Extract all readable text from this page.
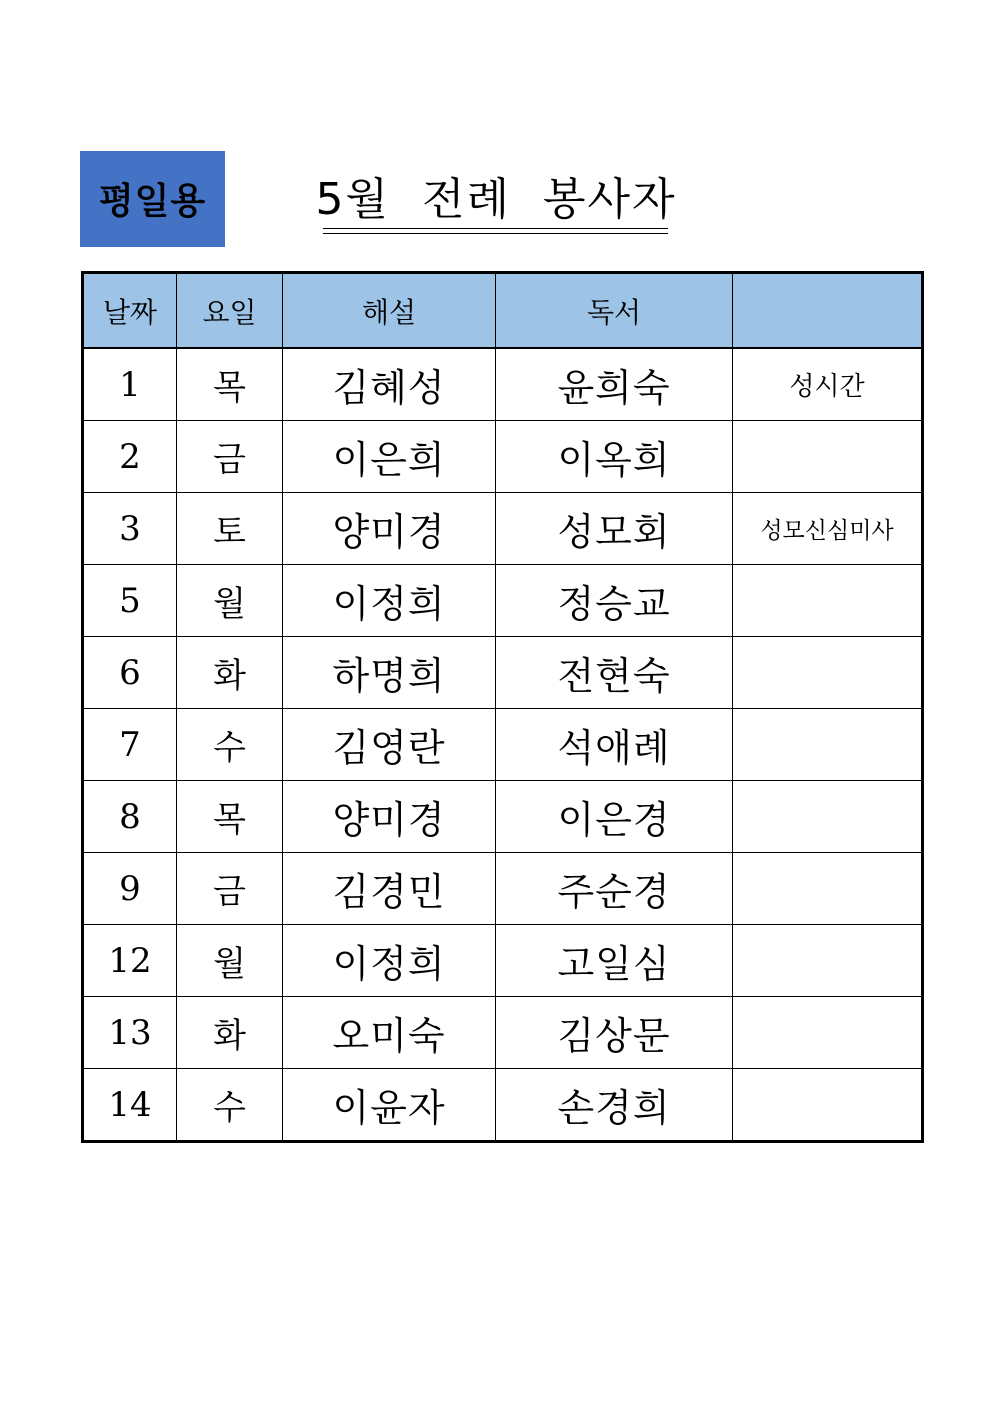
평일용	5월  전례  봉사자
날짜	요일	해설	독서	
1	목	김혜성	윤희숙	성시간
2	금	이은희	이옥희	
3	토	양미경	성모회	성모신심미사
5	월	이정희	정승교	
6	화	하명희	전현숙	
7	수	김영란	석애례	
8	목	양미경	이은경	
9	금	김경민	주순경	
12	월	이정희	고일심	
13	화	오미숙	김상문	
14	수	이윤자	손경희	
